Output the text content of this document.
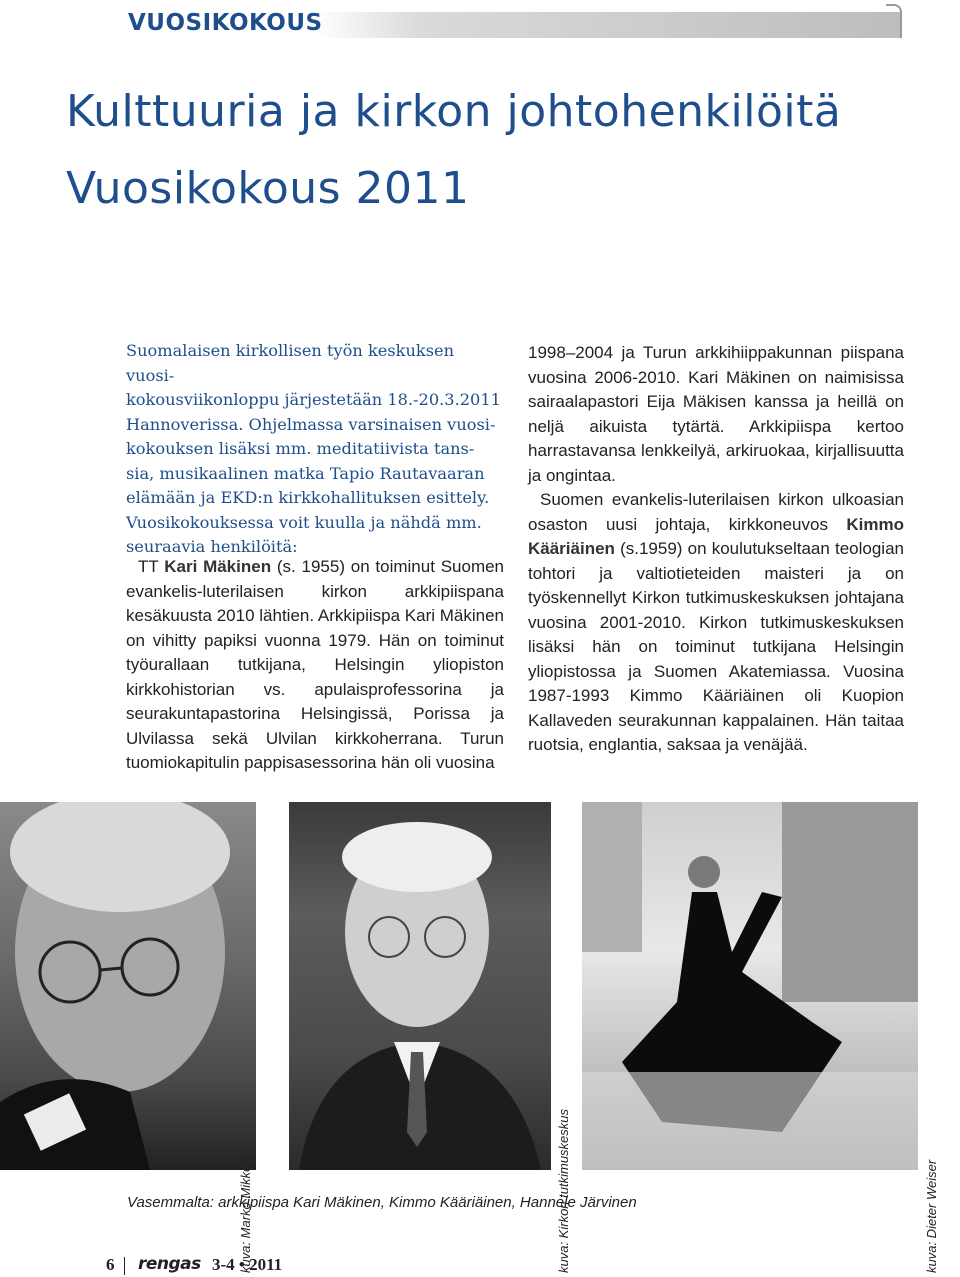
VUOSIKOKOUS
Kulttuuria ja kirkon johtohenkilöitä
Vuosikokous 2011

Suomalaisen kirkollisen työn keskuksen vuosi-

kokousviikonloppu järjestetään 18.-20.3.2011

Hannoverissa. Ohjelmassa varsinaisen vuosi-

kokouksen lisäksi mm. meditatiivista tans-

sia, musikaalinen matka Tapio Rautavaaran

elämään ja EKD:n kirkkohallituksen esittely.

Vuosikokouksessa voit kuulla ja nähdä mm.

seuraavia henkilöitä:

TT Kari Mäkinen (s. 1955) on toiminut Suomen evankelis-luterilaisen kirkon arkkipiispana kesäkuusta 2010 lähtien. Arkkipiispa Kari Mäkinen on vihitty papiksi vuonna 1979. Hän on toiminut työurallaan tutkijana, Helsingin yliopiston kirkkohistorian vs. apulaisprofessorina ja seurakuntapastorina Helsingissä, Porissa ja Ulvilassa sekä Ulvilan kirkkoherrana. Turun tuomiokapitulin pappisasessorina hän oli vuosina

1998–2004 ja Turun arkkihiippakunnan piispana vuosina 2006-2010. Kari Mäkinen on naimisissa sairaalapastori Eija Mäkisen kanssa ja heillä on neljä aikuista tytärtä. Arkkipiispa kertoo harrastavansa lenkkeilyä, arkiruokaa, kirjallisuutta ja ongintaa.

Suomen evankelis-luterilaisen kirkon ulkoasian osaston uusi johtaja, kirkkoneuvos Kimmo Kääriäinen (s.1959) on koulutukseltaan teologian tohtori ja valtiotieteiden maisteri ja on työskennellyt Kirkon tutkimuskeskuksen johtajana vuosina 2001-2010. Kirkon tutkimuskeskuksen lisäksi hän on toiminut tutkijana Helsingin yliopistossa ja Suomen Akatemiassa. Vuosina 1987-1993 Kimmo Kääriäinen oli Kuopion Kallaveden seurakunnan kappalainen. Hän taitaa ruotsia, englantia, saksaa ja venäjää.

kuva: Marko Mikkola	kuva: Kirkon tutkimuskeskus	kuva: Dieter Weiser
Vasemmalta: arkkipiispa Kari Mäkinen, Kimmo Kääriäinen, Hannele Järvinen
6 rengas 3-4 • 2011
